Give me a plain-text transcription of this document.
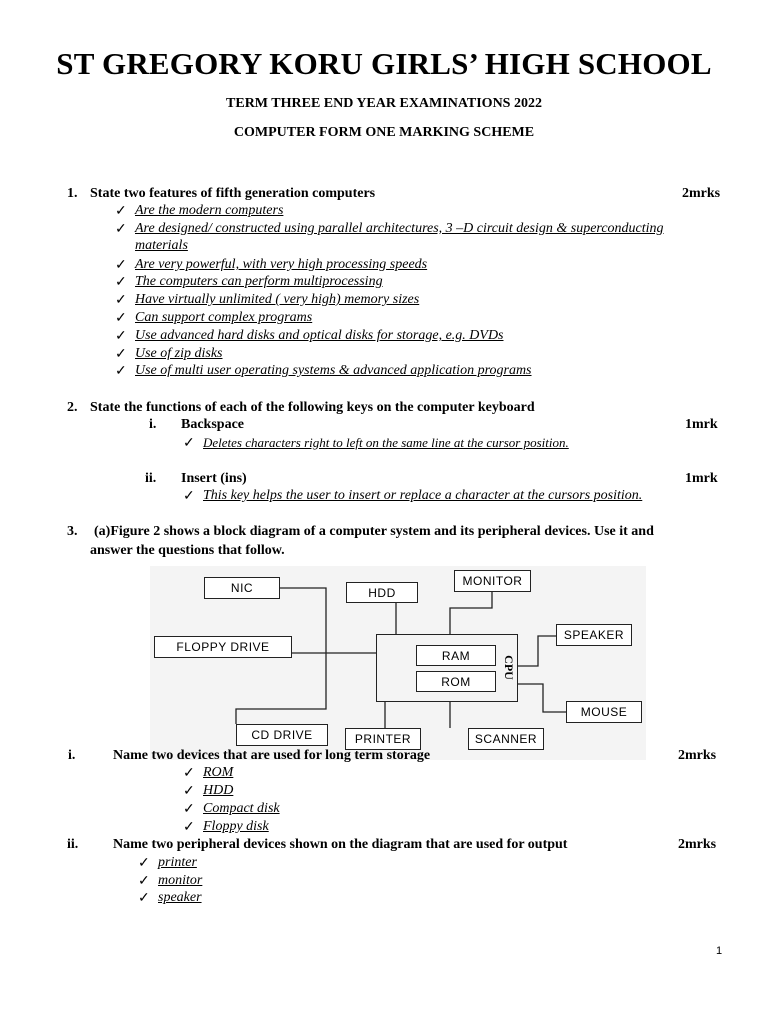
ST GREGORY KORU GIRLS’ HIGH SCHOOL
TERM THREE END YEAR EXAMINATIONS 2022
COMPUTER FORM ONE MARKING SCHEME
1. State two features of fifth generation computers	2mrks
✓ Are the modern computers
✓ Are designed/ constructed using parallel architectures, 3 –D circuit design & superconducting
materials
✓ Are very powerful, with very high processing speeds
✓ The computers can perform multiprocessing
✓ Have virtually unlimited ( very high) memory sizes
✓ Can support complex programs
✓ Use advanced hard disks and optical disks for storage, e.g. DVDs
✓ Use of zip disks
✓ Use of multi user operating systems & advanced application programs
2. State the functions of each of the following keys on the computer keyboard
i. Backspace	1mrk
✓ Deletes characters right to left on the same line at the cursor position.
ii. Insert (ins)	1mrk
✓ This key helps the user to insert or replace a character at the cursors position.
3. (a)Figure 2 shows a block diagram of a computer system and its peripheral devices. Use it and
answer the questions that follow.
NIC	HDD
MONITOR
SPEAKER
FLOPPY DRIVE
RAM
ROM
CPU
MOUSE
CD DRIVE	PRINTER	SCANNER
i.	Name two devices that are used for long term storage	2mrks
✓ ROM
✓ HDD
✓ Compact disk
✓ Floppy disk
ii. Name two peripheral devices shown on the diagram that are used for output	2mrks
✓ printer
✓ monitor
✓ speaker
1
